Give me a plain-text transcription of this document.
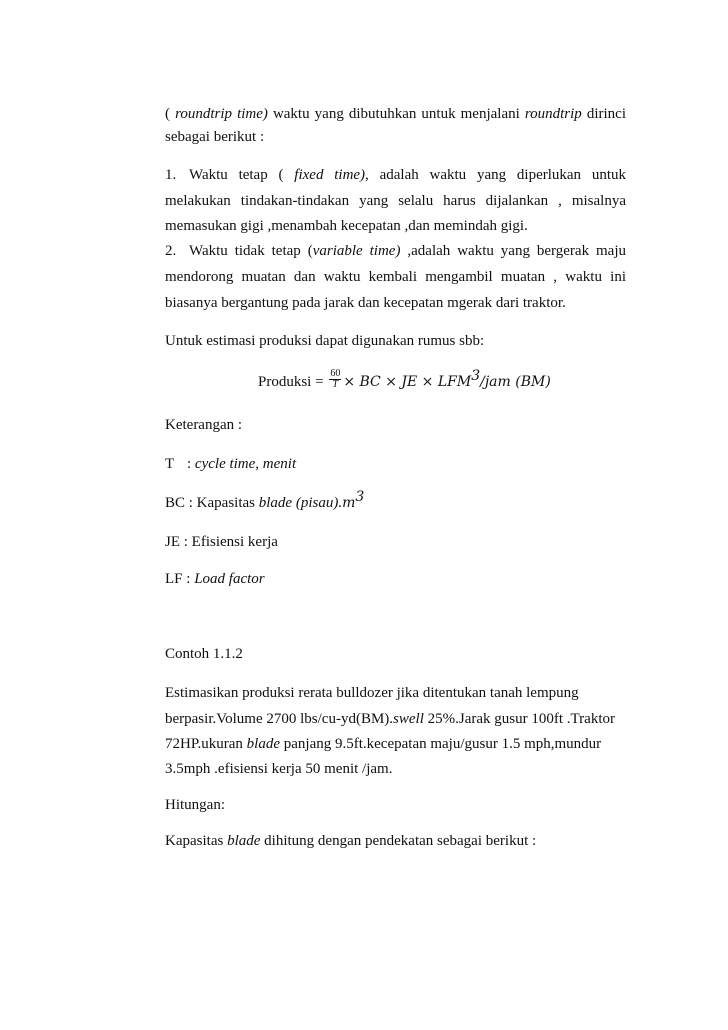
( roundtrip time) waktu yang dibutuhkan untuk menjalani roundtrip dirinci
sebagai berikut :
1. Waktu tetap ( fixed time), adalah waktu yang diperlukan untuk
melakukan tindakan-tindakan yang selalu harus dijalankan , misalnya
memasukan gigi ,menambah kecepatan ,dan memindah gigi.
2. Waktu tidak tetap (variable time) ,adalah waktu yang bergerak maju
mendorong muatan dan waktu kembali mengambil muatan , waktu ini
biasanya bergantung pada jarak dan kecepatan mgerak dari traktor.
Untuk estimasi produksi dapat digunakan rumus sbb:
Produksi = $\frac{60}{T}$ × BC × JE × $LFM^3$/jam (BM)
Keterangan :
T : cycle time, menit
BC : Kapasitas blade $(pisau).m^3$
JE : Efisiensi kerja
LF : Load factor
Contoh 1.1.2
Estimasikan produksi rerata bulldozer jika ditentukan tanah lempung
berpasir.Volume 2700 lbs/cu-yd(BM).swell 25%.Jarak gusur 100ft .Traktor
72HP.ukuran blade panjang 9.5ft.kecepatan maju/gusur 1.5 mph,mundur
3.5mph .efisiensi kerja 50 menit /jam.
Hitungan:
Kapasitas blade dihitung dengan pendekatan sebagai berikut :
